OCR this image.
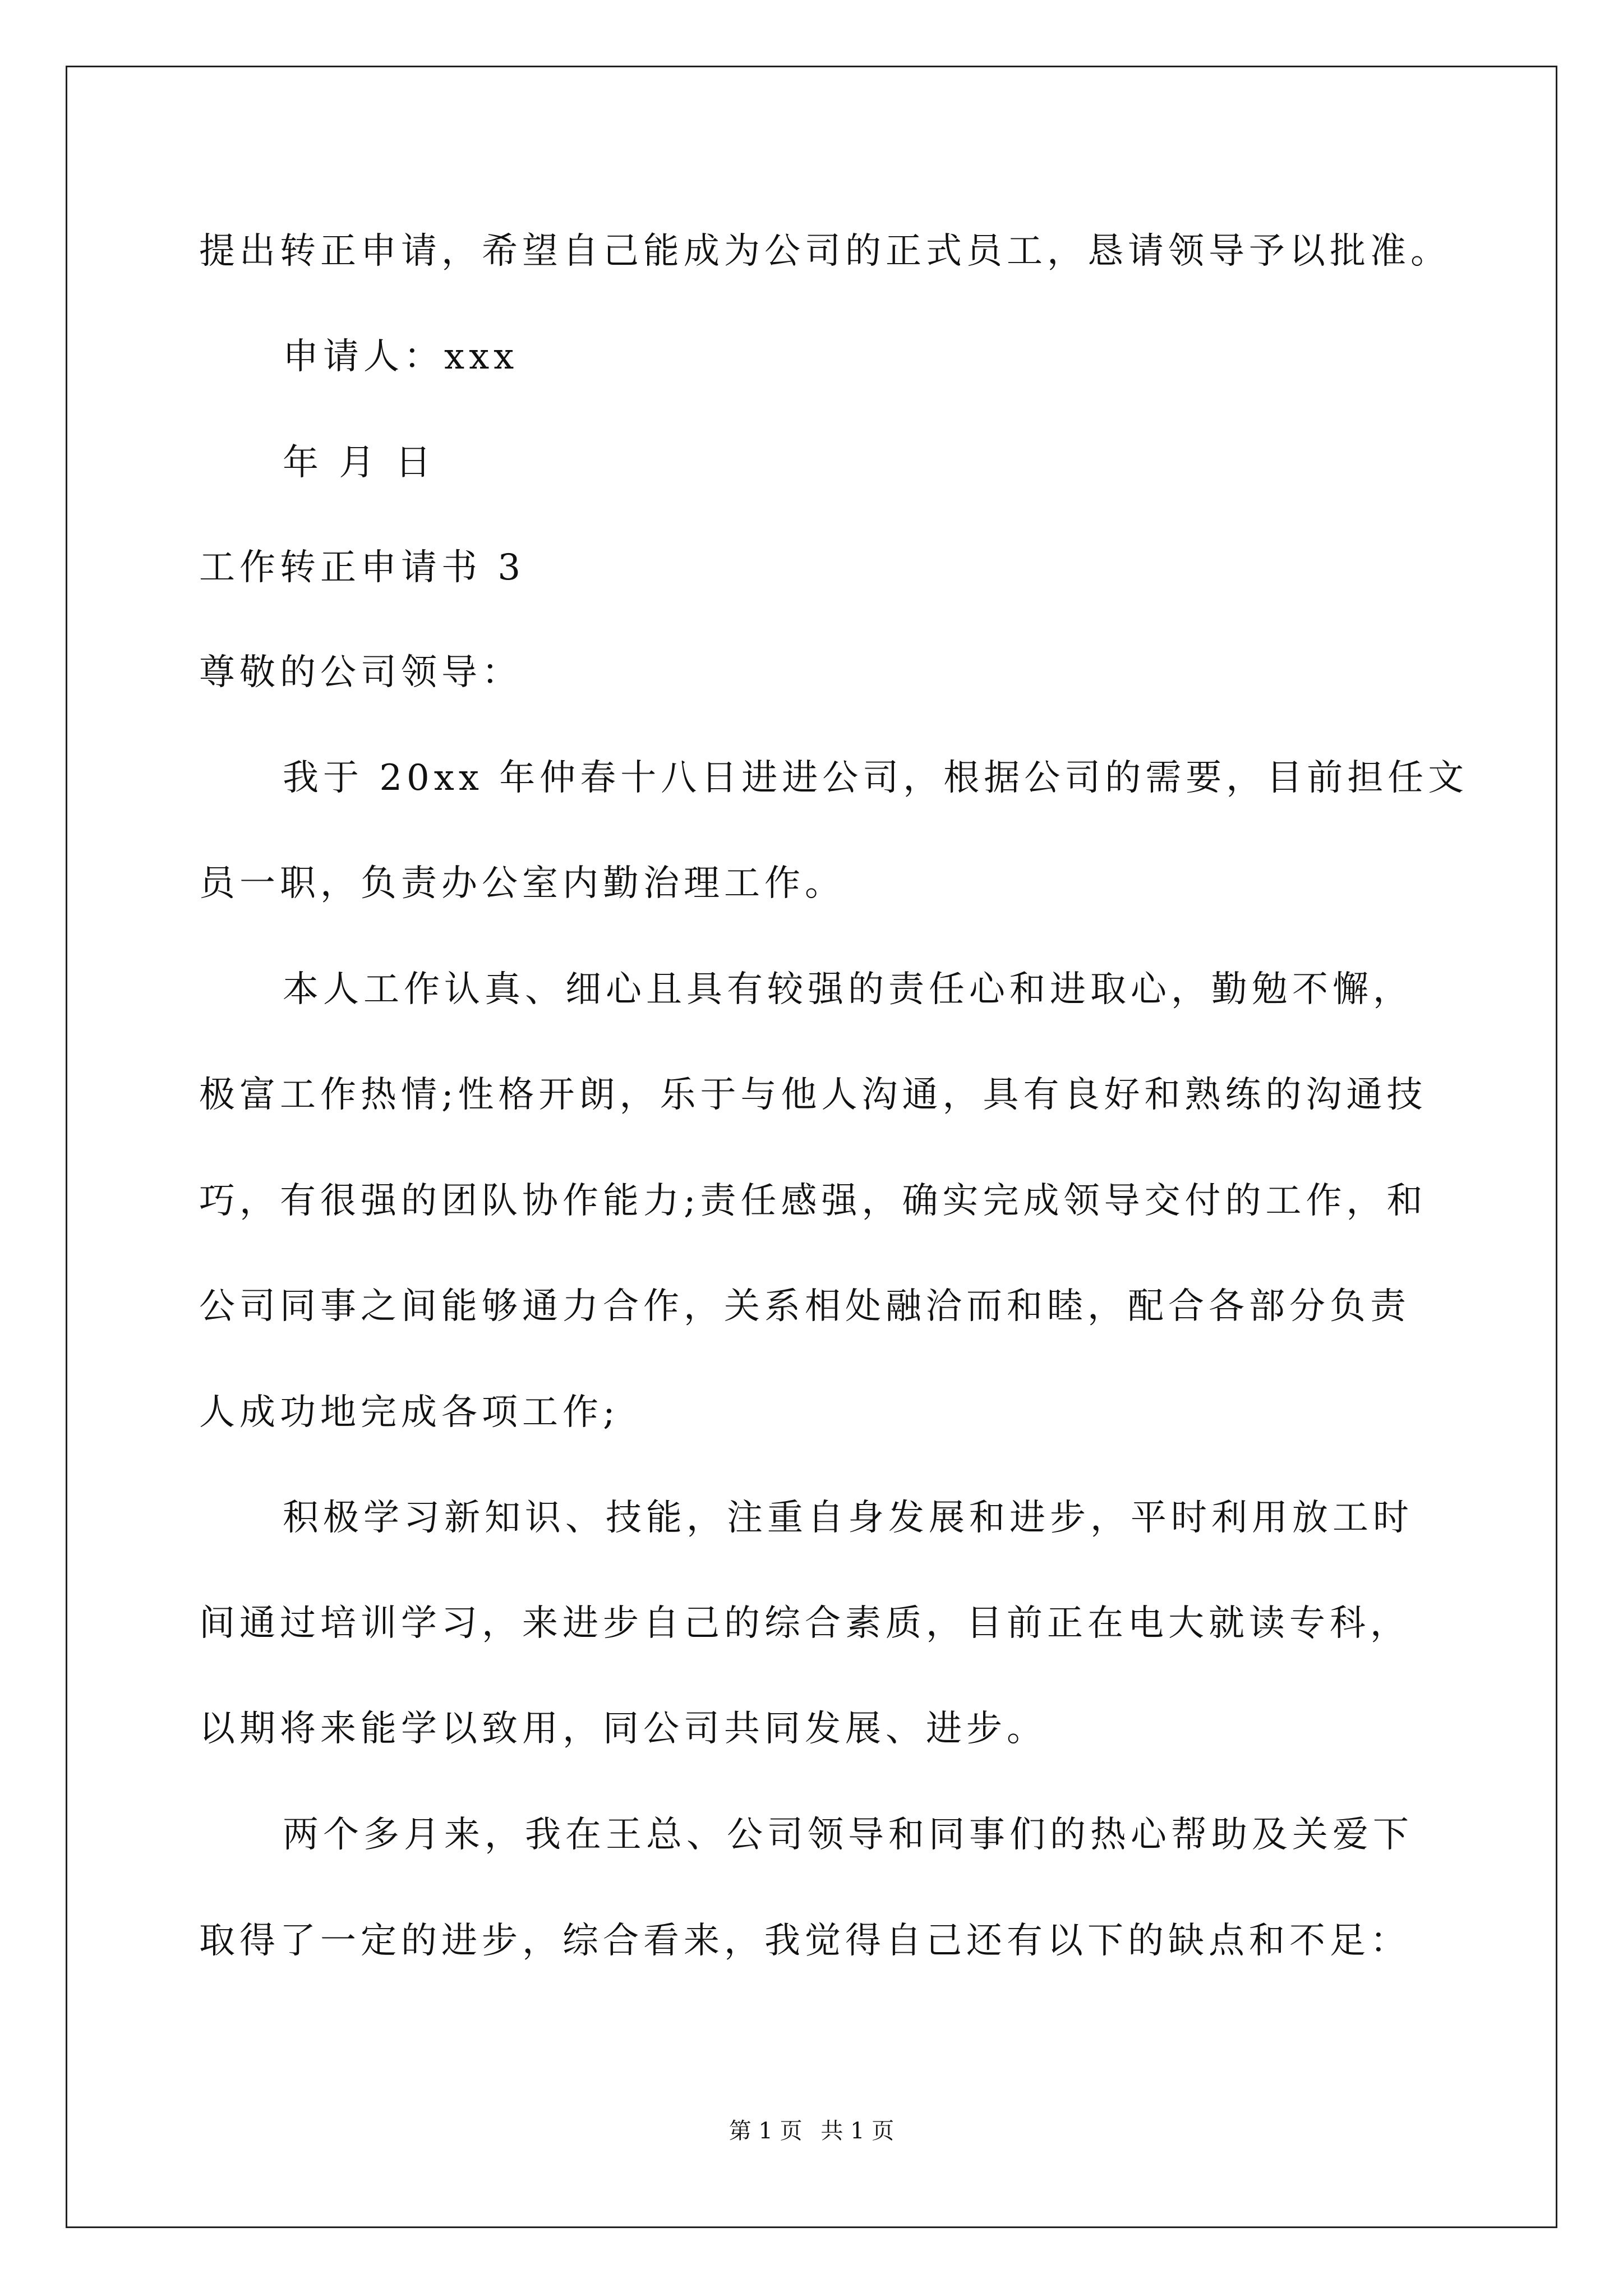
提出转正申请，希望自己能成为公司的正式员工，恳请领导予以批准。
申请人：xxx
年 月 日
工作转正申请书 3
尊敬的公司领导：
我于 20xx 年仲春十八日进进公司，根据公司的需要，目前担任文
员一职，负责办公室内勤治理工作。
本人工作认真、细心且具有较强的责任心和进取心，勤勉不懈，
极富工作热情;性格开朗，乐于与他人沟通，具有良好和熟练的沟通技
巧，有很强的团队协作能力;责任感强，确实完成领导交付的工作，和
公司同事之间能够通力合作，关系相处融洽而和睦，配合各部分负责
人成功地完成各项工作;
积极学习新知识、技能，注重自身发展和进步，平时利用放工时
间通过培训学习，来进步自己的综合素质，目前正在电大就读专科，
以期将来能学以致用，同公司共同发展、进步。
两个多月来，我在王总、公司领导和同事们的热心帮助及关爱下
取得了一定的进步，综合看来，我觉得自己还有以下的缺点和不足：
第 1 页 共 1 页
